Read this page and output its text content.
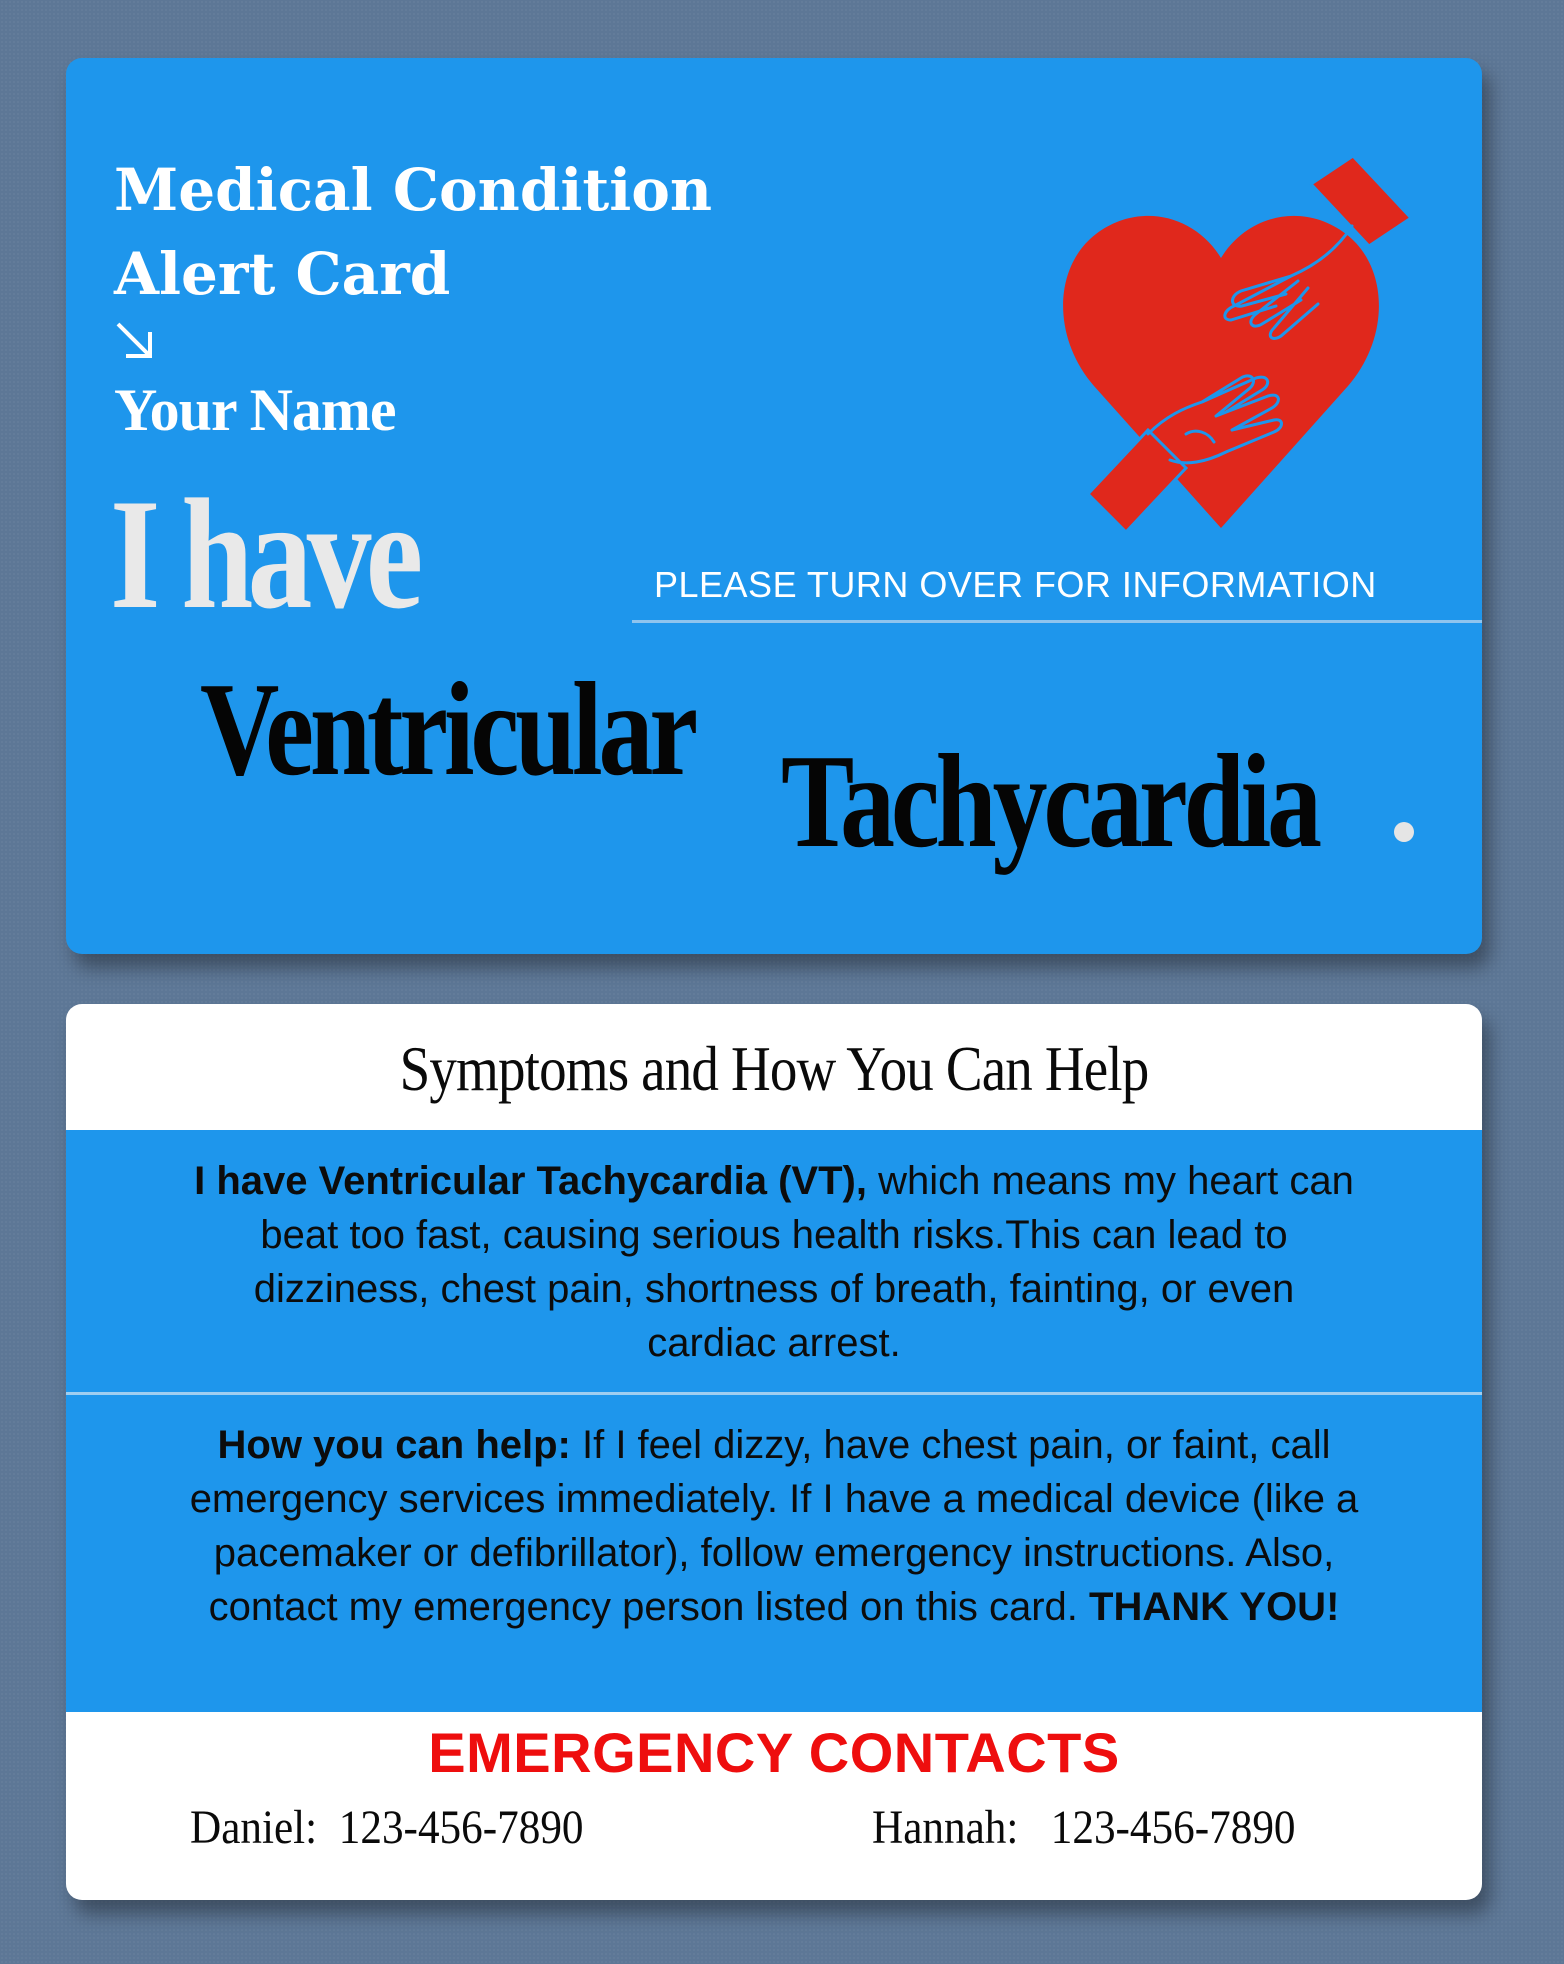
Medical Condition
Alert Card
Your Name
I have	PLEASE TURN OVER FOR INFORMATION
Ventricular Tachycardia
Symptoms and How You Can Help

I have Ventricular Tachycardia (VT), which means my heart can beat too fast, causing serious health risks.This can lead to dizziness, chest pain, shortness of breath, fainting, or even cardiac arrest.

How you can help: If I feel dizzy, have chest pain, or faint, call emergency services immediately. If I have a medical device (like a pacemaker or defibrillator), follow emergency instructions. Also, contact my emergency person listed on this card. THANK YOU!

EMERGENCY CONTACTS
Daniel: 123-456-7890	Hannah: 123-456-7890
